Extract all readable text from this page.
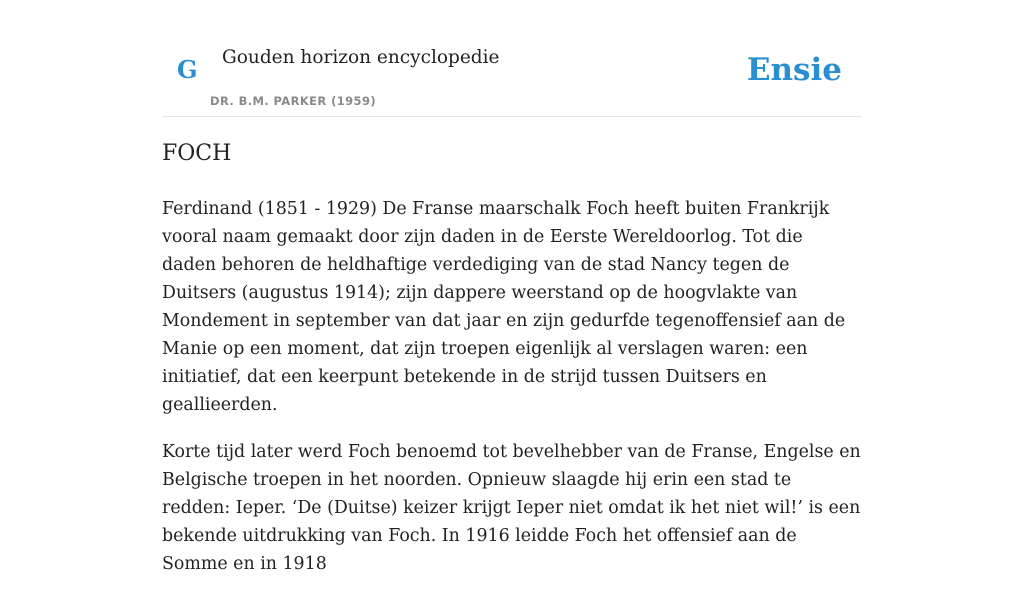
G Gouden horizon encyclopedie
DR. B.M. PARKER (1959)
Ensie
FOCH

Ferdinand (1851 - 1929) De Franse maarschalk Foch heeft buiten Frankrijk vooral naam gemaakt door zijn daden in de Eerste Wereldoorlog. Tot die daden behoren de heldhaftige verdediging van de stad Nancy tegen de Duitsers (augustus 1914); zijn dappere weerstand op de hoogvlakte van Mondement in september van dat jaar en zijn gedurfde tegenoffensief aan de Manie op een moment, dat zijn troepen eigenlijk al verslagen waren: een initiatief, dat een keerpunt betekende in de strijd tussen Duitsers en geallieerden.

Korte tijd later werd Foch benoemd tot bevelhebber van de Franse, Engelse en Belgische troepen in het noorden. Opnieuw slaagde hij erin een stad te redden: Ieper. ‘De (Duitse) keizer krijgt Ieper niet omdat ik het niet wil!’ is een bekende uitdrukking van Foch. In 1916 leidde Foch het offensief aan de Somme en in 1918
